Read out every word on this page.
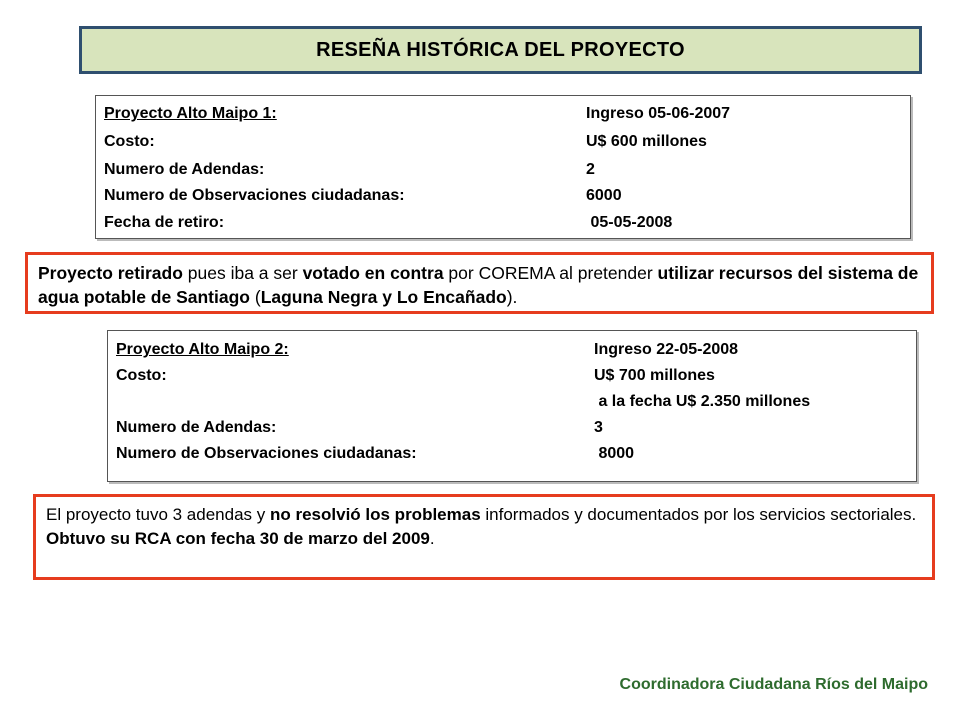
RESEÑA HISTÓRICA DEL PROYECTO
Proyecto Alto Maipo 1:	Ingreso 05-06-2007
Costo:	U$ 600 millones
Numero de Adendas:	2
Numero de Observaciones ciudadanas:	6000
Fecha de retiro:	05-05-2008
Proyecto retirado pues iba a ser votado en contra por COREMA al pretender utilizar recursos del sistema de agua potable de Santiago (Laguna Negra y Lo Encañado).
Proyecto Alto Maipo 2:	Ingreso 22-05-2008
Costo:	U$ 700 millones
a la fecha U$ 2.350 millones
Numero de Adendas:	3
Numero de Observaciones ciudadanas:	8000
El proyecto tuvo 3 adendas y no resolvió los problemas informados y documentados por los servicios sectoriales. Obtuvo su RCA con fecha 30 de marzo del 2009.
Coordinadora Ciudadana Ríos del Maipo
